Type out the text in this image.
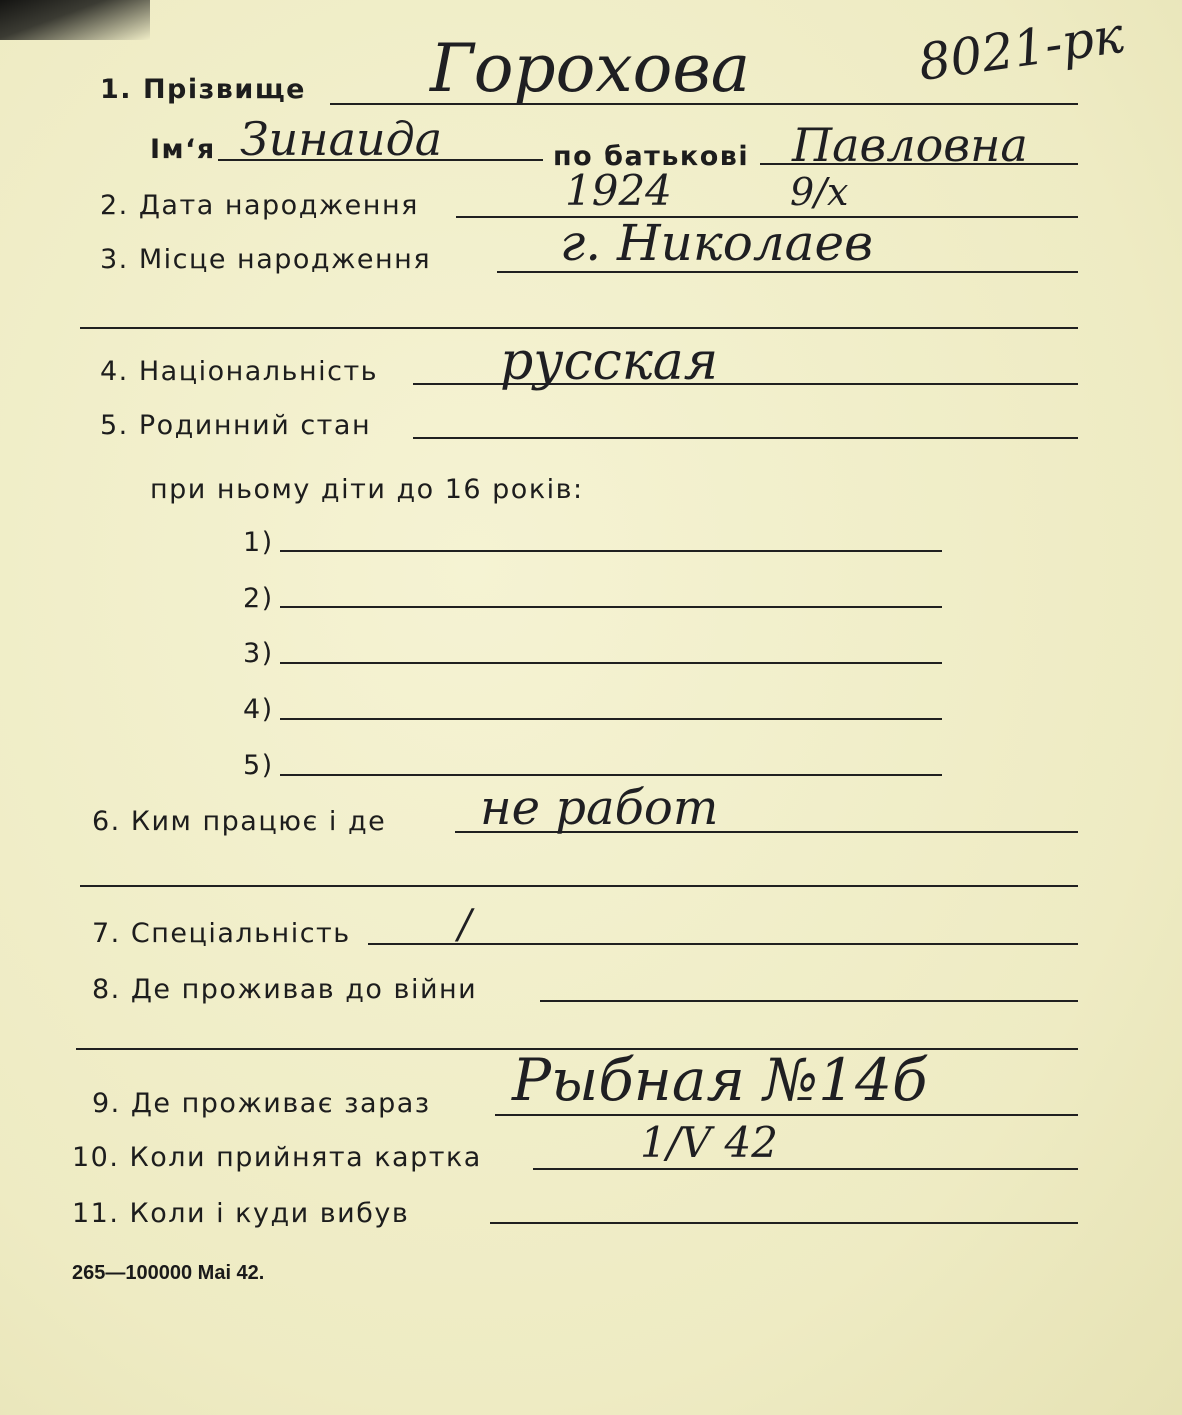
8021-рк
1. Прізвище Горохова
Ім‘я Зинаида	по батькові Павловна
2. Дата народження	1924	9/x
3. Місце народження	г. Николаев
4. Національність русская
5. Родинний стан
при ньому діти до 16 років:
1)
2)
3)
4)
5)
6. Ким працює і де не работ
7. Спеціальність	/
8. Де проживав до війни
9. Де проживає зараз Рыбная №14б
10. Коли прийнята картка	1/V 42
11. Коли і куди вибув
265—100000 Mai 42.
